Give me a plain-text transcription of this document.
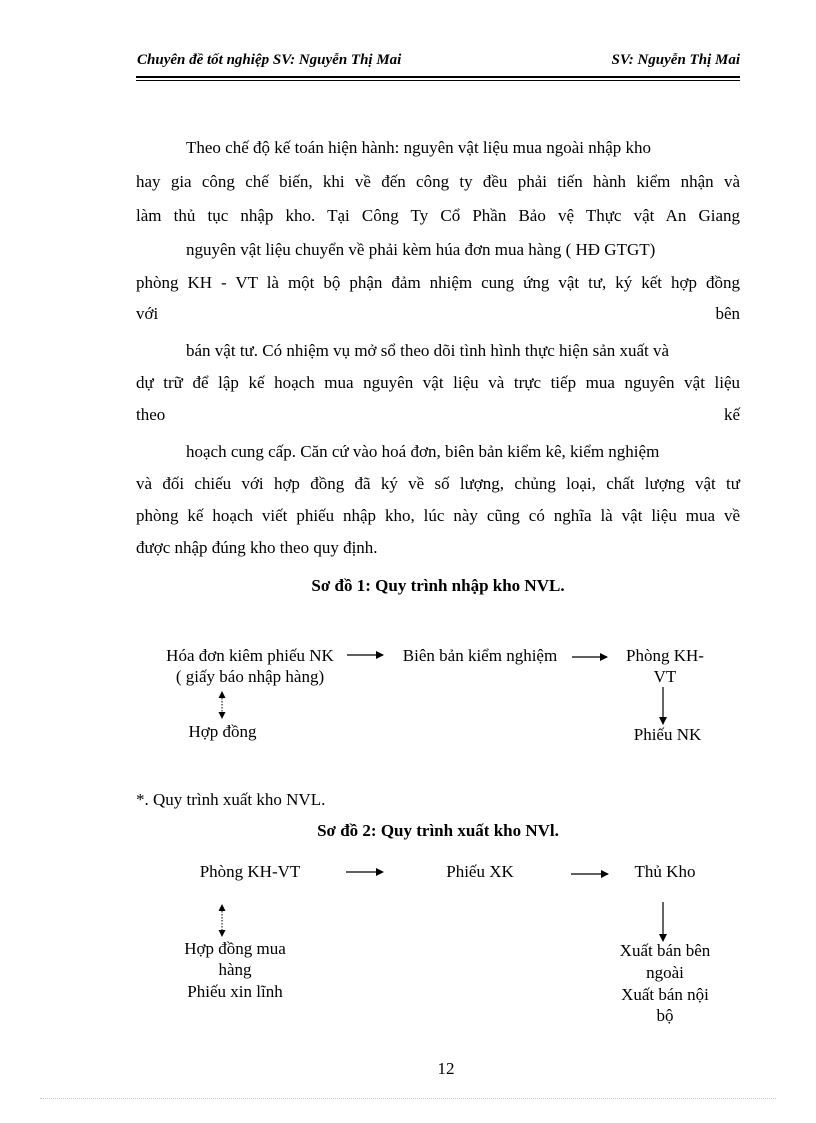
Chuyên đề tốt nghiệp SV: Nguyễn Thị Mai	SV: Nguyễn Thị Mai
Theo chế độ kế toán hiện hành: nguyên vật liệu mua ngoài nhập kho
hay gia công chế biến, khi về đến công ty đều phải tiến hành kiểm nhận và
làm thủ tục nhập kho. Tại Công Ty Cổ Phần Bảo vệ Thực vật An Giang
nguyên vật liệu chuyển về phải kèm húa đơn mua hàng ( HĐ GTGT)
phòng KH - VT là một bộ phận đảm nhiệm cung ứng vật tư, ký kết hợp đồng
với	bên
bán vật tư. Có nhiệm vụ mở sổ theo dõi tình hình thực hiện sản xuất và
dự trữ để lập kế hoạch mua nguyên vật liệu và trực tiếp mua nguyên vật liệu
theo	kế
hoạch cung cấp. Căn cứ vào hoá đơn, biên bản kiểm kê, kiểm nghiệm
và đối chiếu với hợp đồng đã ký về số lượng, chủng loại, chất lượng vật tư
phòng kế hoạch viết phiếu nhập kho, lúc này cũng có nghĩa là vật liệu mua về
được nhập đúng kho theo quy định.
Sơ đồ 1: Quy trình nhập kho NVL.
Hóa đơn kiêm phiếu NK
( giấy báo nhập hàng)
Biên bản kiểm nghiệm	Phòng KH-
VT
Hợp đồng	Phiếu NK
*. Quy trình xuất kho NVL.
Sơ đồ 2: Quy trình xuất kho NVl.
Phòng KH-VT	Phiếu XK	Thủ Kho
Hợp đồng mua
hàng
Phiếu xin lĩnh
Xuất bán bên
ngoài
Xuất bán nội
bộ
12
